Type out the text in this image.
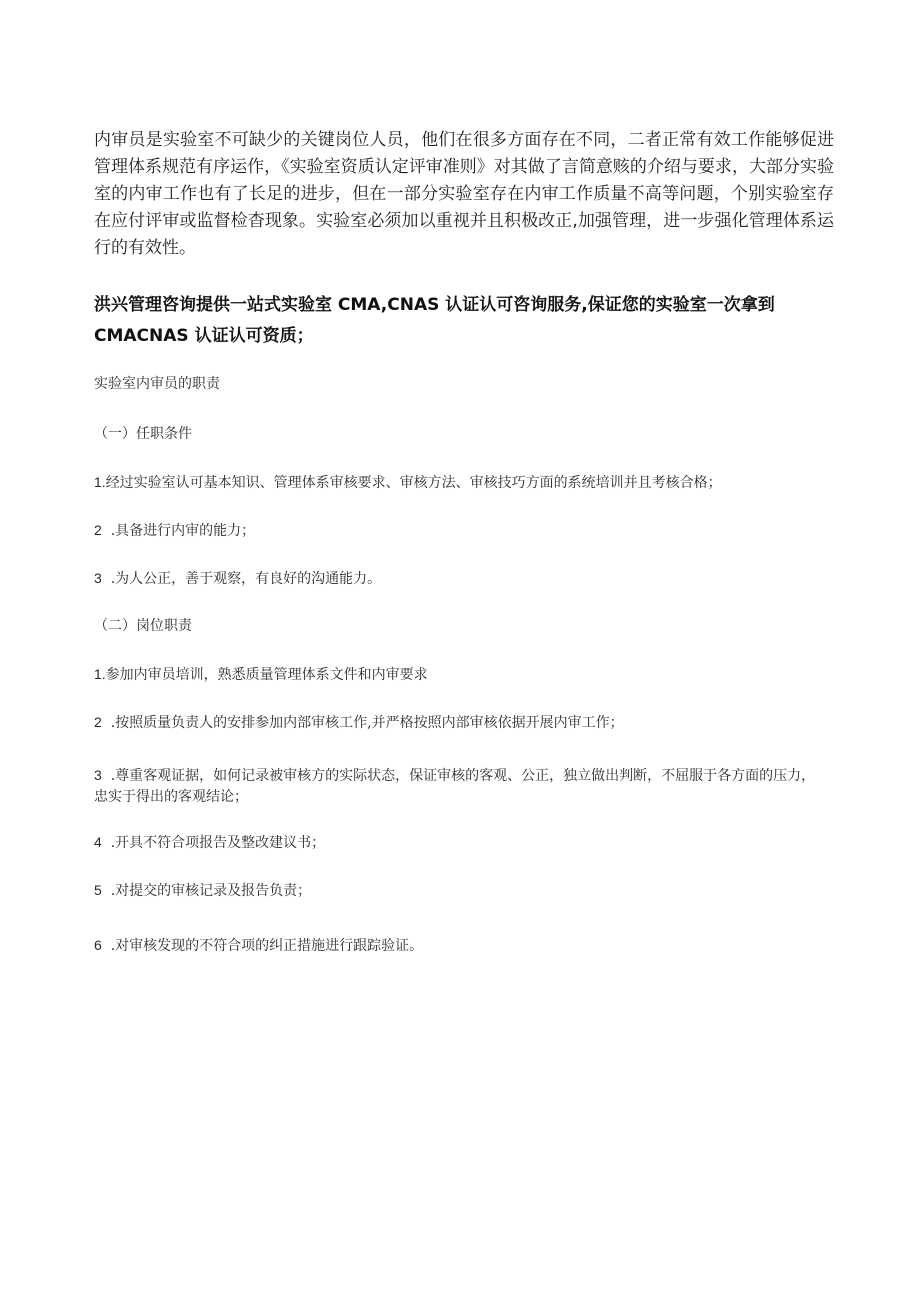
内审员是实验室不可缺少的关键岗位人员，他们在很多方面存在不同，二者正常有效工作能够促进管理体系规范有序运作，《实验室资质认定评审准则》对其做了言简意赅的介绍与要求，大部分实验室的内审工作也有了长足的进步，但在一部分实验室存在内审工作质量不高等问题，个别实验室存在应付评审或监督检杳现象。实验室必须加以重视并且积极改正,加强管理，进一步强化管理体系运行的有效性。

洪兴管理咨询提供一站式实验室 CMA,CNAS 认证认可咨询服务,保证您的实验室一次拿到 CMACNAS 认证认可资质；

实验室内审员的职责

（一）任职条件

1.经过实验室认可基本知识、管理体系审核要求、审核方法、审核技巧方面的系统培训并且考核合格；

2 .具备进行内审的能力；

3 .为人公正，善于观察，有良好的沟通能力。

（二）岗位职责

1.参加内审员培训，熟悉质量管理体系文件和内审要求

2 .按照质量负责人的安排参加内部审核工作,并严格按照内部审核依据开展内审工作；

3 .尊重客观证据，如何记录被审核方的实际状态，保证审核的客观、公正，独立做出判断，不屈服于各方面的压力，忠实于得出的客观结论；

4 .开具不符合项报告及整改建议书；

5 .对提交的审核记录及报告负责；

6 .对审核发现的不符合项的纠正措施进行跟踪验证。
